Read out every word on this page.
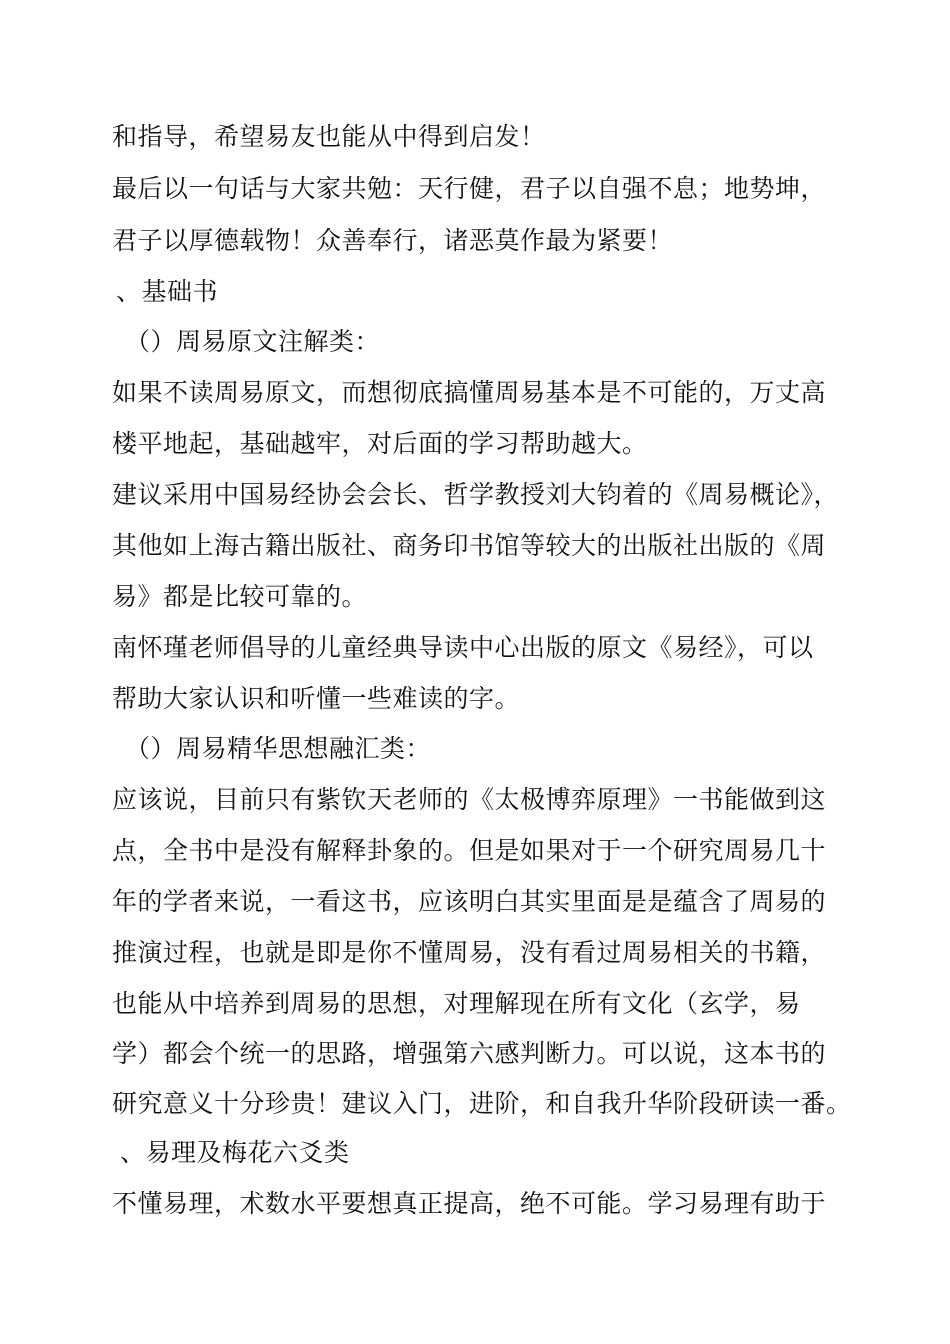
和指导，希望易友也能从中得到启发！
最后以一句话与大家共勉：天行健，君子以自强不息；地势坤，
君子以厚德载物！众善奉行，诸恶莫作最为紧要！
、基础书
（）周易原文注解类：
如果不读周易原文，而想彻底搞懂周易基本是不可能的，万丈高
楼平地起，基础越牢，对后面的学习帮助越大。
建议采用中国易经协会会长、哲学教授刘大钧着的《周易概论》，
其他如上海古籍出版社、商务印书馆等较大的出版社出版的《周
易》都是比较可靠的。
南怀瑾老师倡导的儿童经典导读中心出版的原文《易经》，可以
帮助大家认识和听懂一些难读的字。
（）周易精华思想融汇类：
应该说，目前只有紫钦天老师的《太极博弈原理》一书能做到这
点，全书中是没有解释卦象的。但是如果对于一个研究周易几十
年的学者来说，一看这书，应该明白其实里面是是蕴含了周易的
推演过程，也就是即是你不懂周易，没有看过周易相关的书籍，
也能从中培养到周易的思想，对理解现在所有文化（玄学，易
学）都会个统一的思路，增强第六感判断力。可以说，这本书的
研究意义十分珍贵！建议入门，进阶，和自我升华阶段研读一番。
、易理及梅花六爻类
不懂易理，术数水平要想真正提高，绝不可能。学习易理有助于
